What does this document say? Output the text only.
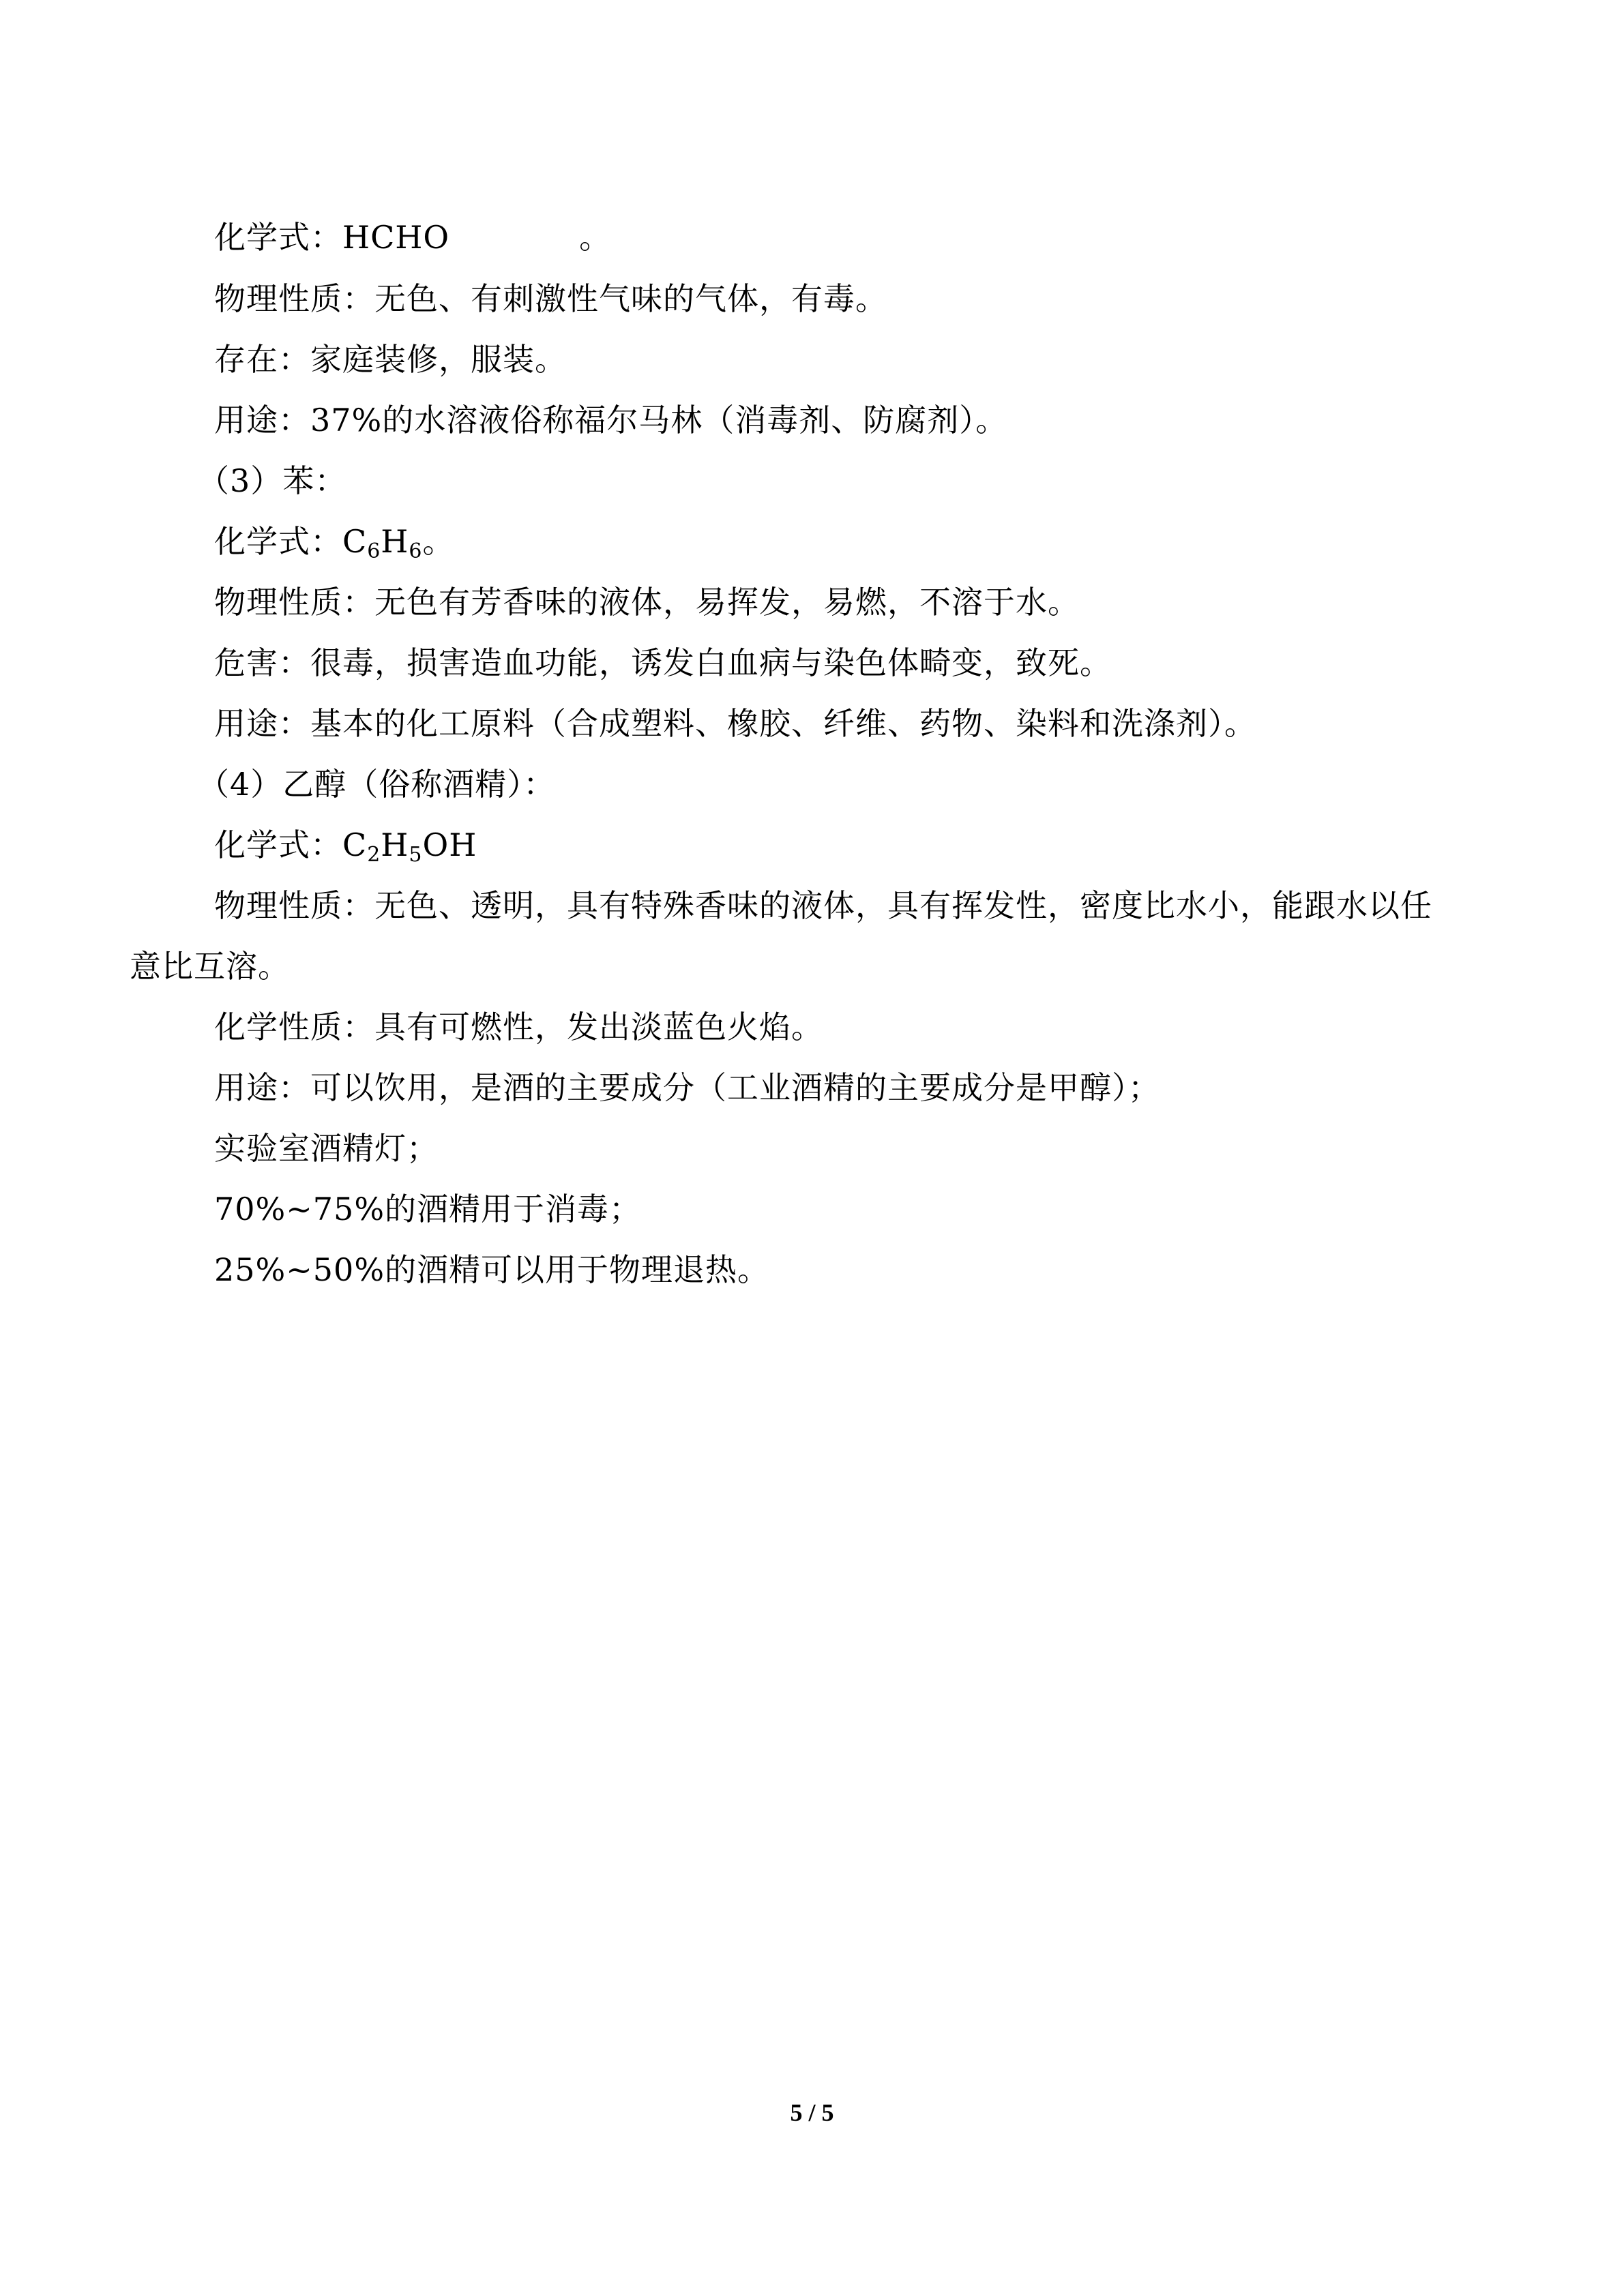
化学式：HCHO	。
物理性质：无色、有刺激性气味的气体，有毒。
存在：家庭装修，服装。
用途：37%的水溶液俗称福尔马林（消毒剂、防腐剂）。
（3）苯：
化学式：$C_6H_6$。
物理性质：无色有芳香味的液体，易挥发，易燃，不溶于水。
危害：很毒，损害造血功能，诱发白血病与染色体畸变，致死。
用途：基本的化工原料（合成塑料、橡胶、纤维、药物、染料和洗涤剂）。
（4）乙醇（俗称酒精）：
化学式：$C_2H_5OH$
物理性质：无色、透明，具有特殊香味的液体，具有挥发性，密度比水小，能跟水以任
意比互溶。
化学性质：具有可燃性，发出淡蓝色火焰。
用途：可以饮用，是酒的主要成分（工业酒精的主要成分是甲醇）；
实验室酒精灯；
70%~75%的酒精用于消毒；
25%~50%的酒精可以用于物理退热。
5 / 5
